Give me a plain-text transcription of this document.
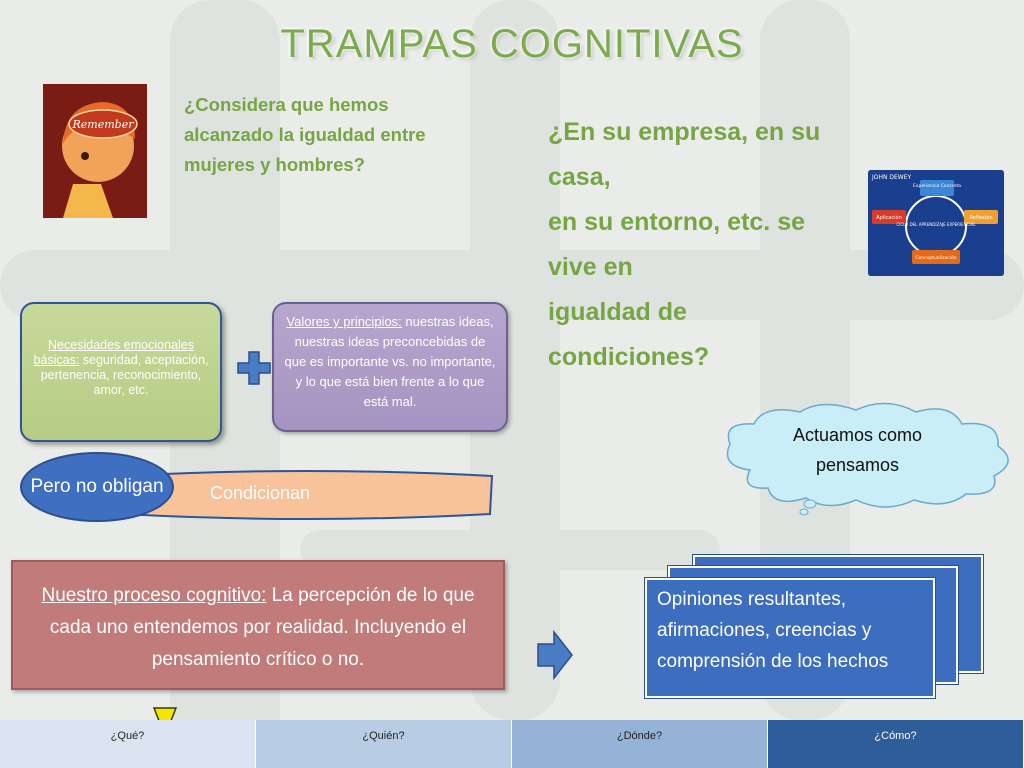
TRAMPAS COGNITIVAS
Remember
¿Considera que hemos alcanzado la igualdad entre mujeres y hombres?
¿En su empresa, en su casa,
en su entorno, etc. se vive en
igualdad de condiciones?
JOHN DEWEY
Experiencia Concreta
Reflexión
Conceptualización
Aplicación
CICLO DEL APRENDIZAJE EXPERIENCIAL

Necesidades emocionales básicas: seguridad, aceptación, pertenencia, reconocimiento, amor, etc.

Valores y principios: nuestras ideas, nuestras ideas preconcebidas de que es importante vs. no importante, y lo que está bien frente a lo que está mal.

Condicionan
Pero no obligan
Nuestro proceso cognitivo: La percepción de lo que cada uno entendemos por realidad. Incluyendo el pensamiento crítico o no.
Actuamos como pensamos
Opiniones resultantes, afirmaciones, creencias y comprensión de los hechos
¿Qué?	¿Quién?	¿Dónde?	¿Cómo?
